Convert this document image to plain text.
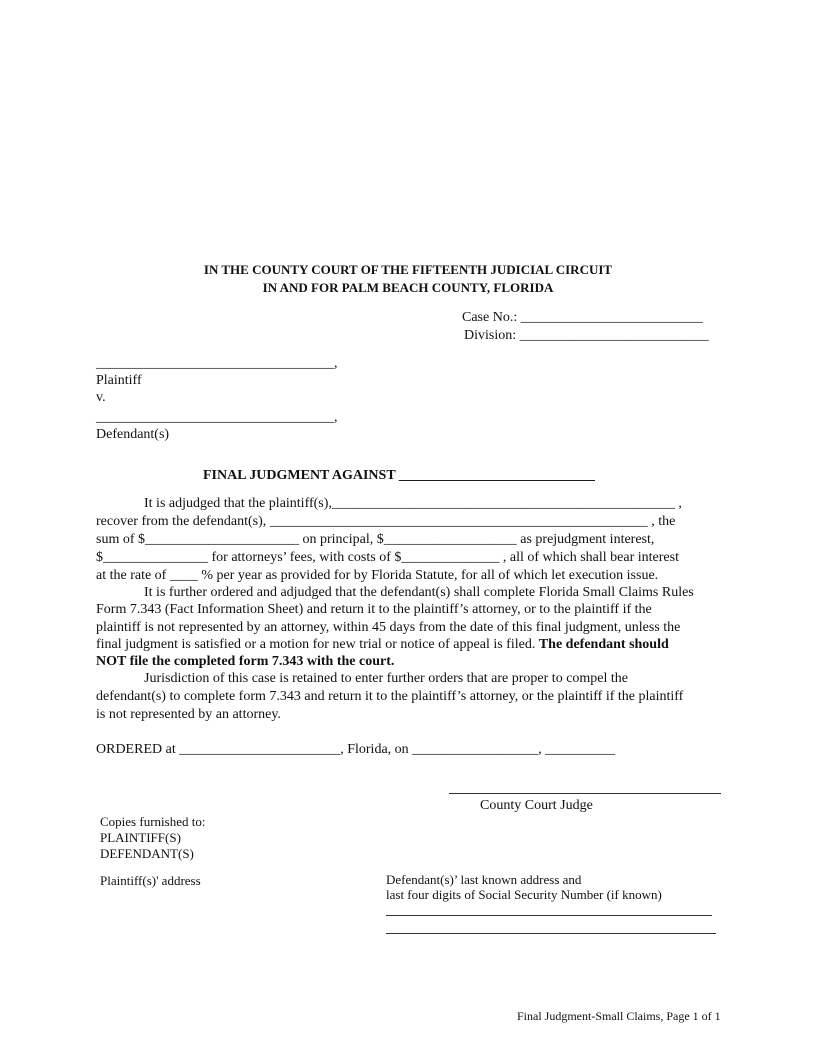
IN THE COUNTY COURT OF THE FIFTEENTH JUDICIAL CIRCUIT
IN AND FOR PALM BEACH COUNTY, FLORIDA
Case No.: __________________________
Division: ___________________________
__________________________________,
Plaintiff
v.
__________________________________,
Defendant(s)
FINAL JUDGMENT AGAINST ____________________________
It is adjudged that the plaintiff(s),_________________________________________________ ,
recover from the defendant(s), ______________________________________________________ , the
sum of $______________________ on principal, $___________________ as prejudgment interest,
$_______________ for attorneys’ fees, with costs of $______________ , all of which shall bear interest
at the rate of ____ % per year as provided for by Florida Statute, for all of which let execution issue.
It is further ordered and adjudged that the defendant(s) shall complete Florida Small Claims Rules
Form 7.343 (Fact Information Sheet) and return it to the plaintiff’s attorney, or to the plaintiff if the
plaintiff is not represented by an attorney, within 45 days from the date of this final judgment, unless the
final judgment is satisfied or a motion for new trial or notice of appeal is filed. The defendant should
NOT file the completed form 7.343 with the court.
Jurisdiction of this case is retained to enter further orders that are proper to compel the
defendant(s) to complete form 7.343 and return it to the plaintiff’s attorney, or the plaintiff if the plaintiff
is not represented by an attorney.
ORDERED at _______________________, Florida, on __________________, __________
County Court Judge
Copies furnished to:
PLAINTIFF(S)
DEFENDANT(S)
Plaintiff(s)' address	Defendant(s)’ last known address and
last four digits of Social Security Number (if known)
Final Judgment-Small Claims, Page 1 of 1
